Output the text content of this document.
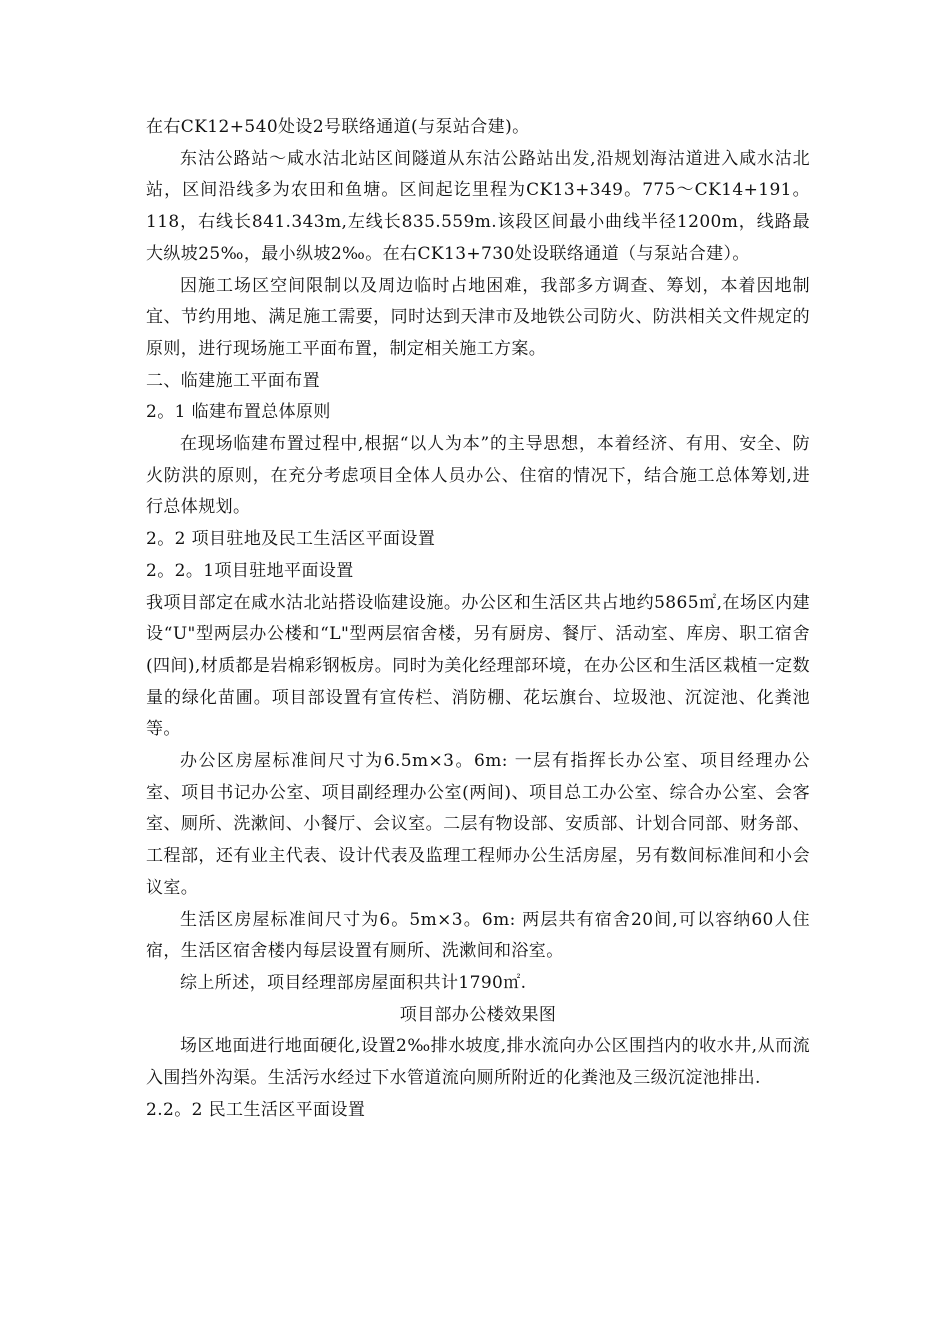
在右CK12+540处设2号联络通道(与泵站合建)。

东沽公路站～咸水沽北站区间隧道从东沽公路站出发,沿规划海沽道进入咸水沽北站，区间沿线多为农田和鱼塘。区间起讫里程为CK13+349。775～CK14+191。118，右线长841.343m,左线长835.559m.该段区间最小曲线半径1200m，线路最大纵坡25‰，最小纵坡2‰。在右CK13+730处设联络通道（与泵站合建）。

因施工场区空间限制以及周边临时占地困难，我部多方调查、筹划，本着因地制宜、节约用地、满足施工需要，同时达到天津市及地铁公司防火、防洪相关文件规定的原则，进行现场施工平面布置，制定相关施工方案。

二、临建施工平面布置

2。1 临建布置总体原则

在现场临建布置过程中,根据“以人为本”的主导思想，本着经济、有用、安全、防火防洪的原则，在充分考虑项目全体人员办公、住宿的情况下，结合施工总体筹划,进行总体规划。

2。2 项目驻地及民工生活区平面设置

2。2。1项目驻地平面设置

我项目部定在咸水沽北站搭设临建设施。办公区和生活区共占地约5865㎡,在场区内建设“U"型两层办公楼和“L"型两层宿舍楼，另有厨房、餐厅、活动室、库房、职工宿舍(四间),材质都是岩棉彩钢板房。同时为美化经理部环境，在办公区和生活区栽植一定数量的绿化苗圃。项目部设置有宣传栏、消防棚、花坛旗台、垃圾池、沉淀池、化粪池等。

办公区房屋标准间尺寸为6.5m×3。6m: 一层有指挥长办公室、项目经理办公室、项目书记办公室、项目副经理办公室(两间)、项目总工办公室、综合办公室、会客室、厕所、洗漱间、小餐厅、会议室。二层有物设部、安质部、计划合同部、财务部、工程部，还有业主代表、设计代表及监理工程师办公生活房屋，另有数间标准间和小会议室。

生活区房屋标准间尺寸为6。5m×3。6m: 两层共有宿舍20间,可以容纳60人住宿，生活区宿舍楼内每层设置有厕所、洗漱间和浴室。

综上所述，项目经理部房屋面积共计1790㎡.

项目部办公楼效果图

场区地面进行地面硬化,设置2‰排水坡度,排水流向办公区围挡内的收水井,从而流入围挡外沟渠。生活污水经过下水管道流向厕所附近的化粪池及三级沉淀池排出.

2.2。2 民工生活区平面设置
